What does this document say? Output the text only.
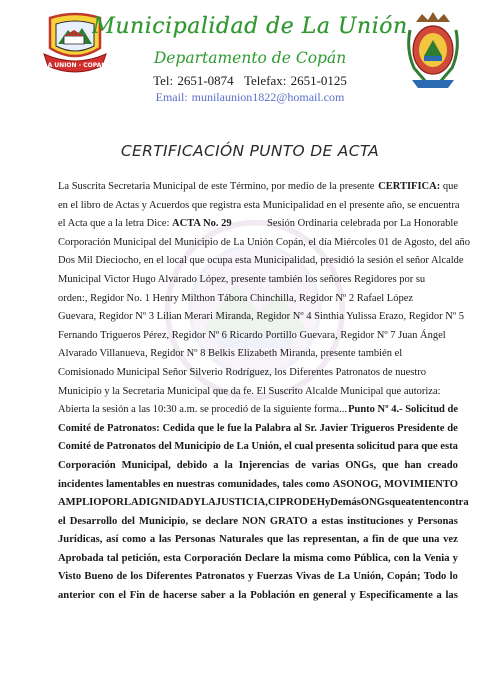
LA UNION - COPAN
Municipalidad de La Unión
Departamento de Copán
Tel: 2651-0874 Telefax: 2651-0125
Email: munilaunion1822@homail.com
CERTIFICACIÓN PUNTO DE ACTA
La Suscrita Secretaria Municipal de este Término, por medio de la presente CERTIFICA: que
en el libro de Actas y Acuerdos que registra esta Municipalidad en el presente año, se encuentra
el Acta que a la letra Dice: ACTA No. 29	Sesión Ordinaria celebrada por La Honorable
Corporación Municipal del Municipio de La Unión Copán, el día Miércoles 01 de Agosto, del año
Dos Mil Dieciocho, en el local que ocupa esta Municipalidad, presidió la sesión el señor Alcalde
Municipal Victor Hugo Alvarado López, presente también los señores Regidores por su
orden:, Regidor No. 1 Henry Milthon Tábora Chinchilla, Regidor Nº 2 Rafael López
Guevara, Regidor Nº 3 Lilian Merari Miranda, Regidor Nº 4 Sinthia Yulissa Erazo, Regidor Nº 5
Fernando Trigueros Pérez, Regidor Nº 6 Ricardo Portillo Guevara, Regidor Nº 7 Juan Ángel
Alvarado Villanueva, Regidor Nº 8 Belkis Elizabeth Miranda, presente también el
Comisionado Municipal Señor Silverio Rodríguez, los Diferentes Patronatos de nuestro
Municipio y la Secretaria Municipal que da fe. El Suscrito Alcalde Municipal que autoriza:
Abierta la sesión a las 10:30 a.m. se procedió de la siguiente forma... Punto Nº 4.- Solicitud de
Comité de Patronatos: Cedida que le fue la Palabra al Sr. Javier Trigueros Presidente de
Comité de Patronatos del Municipio de La Unión, el cual presenta solicitud para que esta
Corporación Municipal, debido a la Injerencias de varias ONGs, que han creado
incidentes lamentables en nuestras comunidades, tales como ASONOG, MOVIMIENTO
AMPLIO POR LA DIGNIDAD Y LA JUSTICIA, CIPRODEH y Demás ONGs que atenten contra
el Desarrollo del Municipio, se declare NON GRATO a estas instituciones y Personas
Jurídicas, así como a las Personas Naturales que las representan, a fin de que una vez
Aprobada tal petición, esta Corporación Declare la misma como Pública, con la Venia y
Visto Bueno de los Diferentes Patronatos y Fuerzas Vivas de La Unión, Copán; Todo lo
anterior con el Fin de hacerse saber a la Población en general y Especificamente a las
